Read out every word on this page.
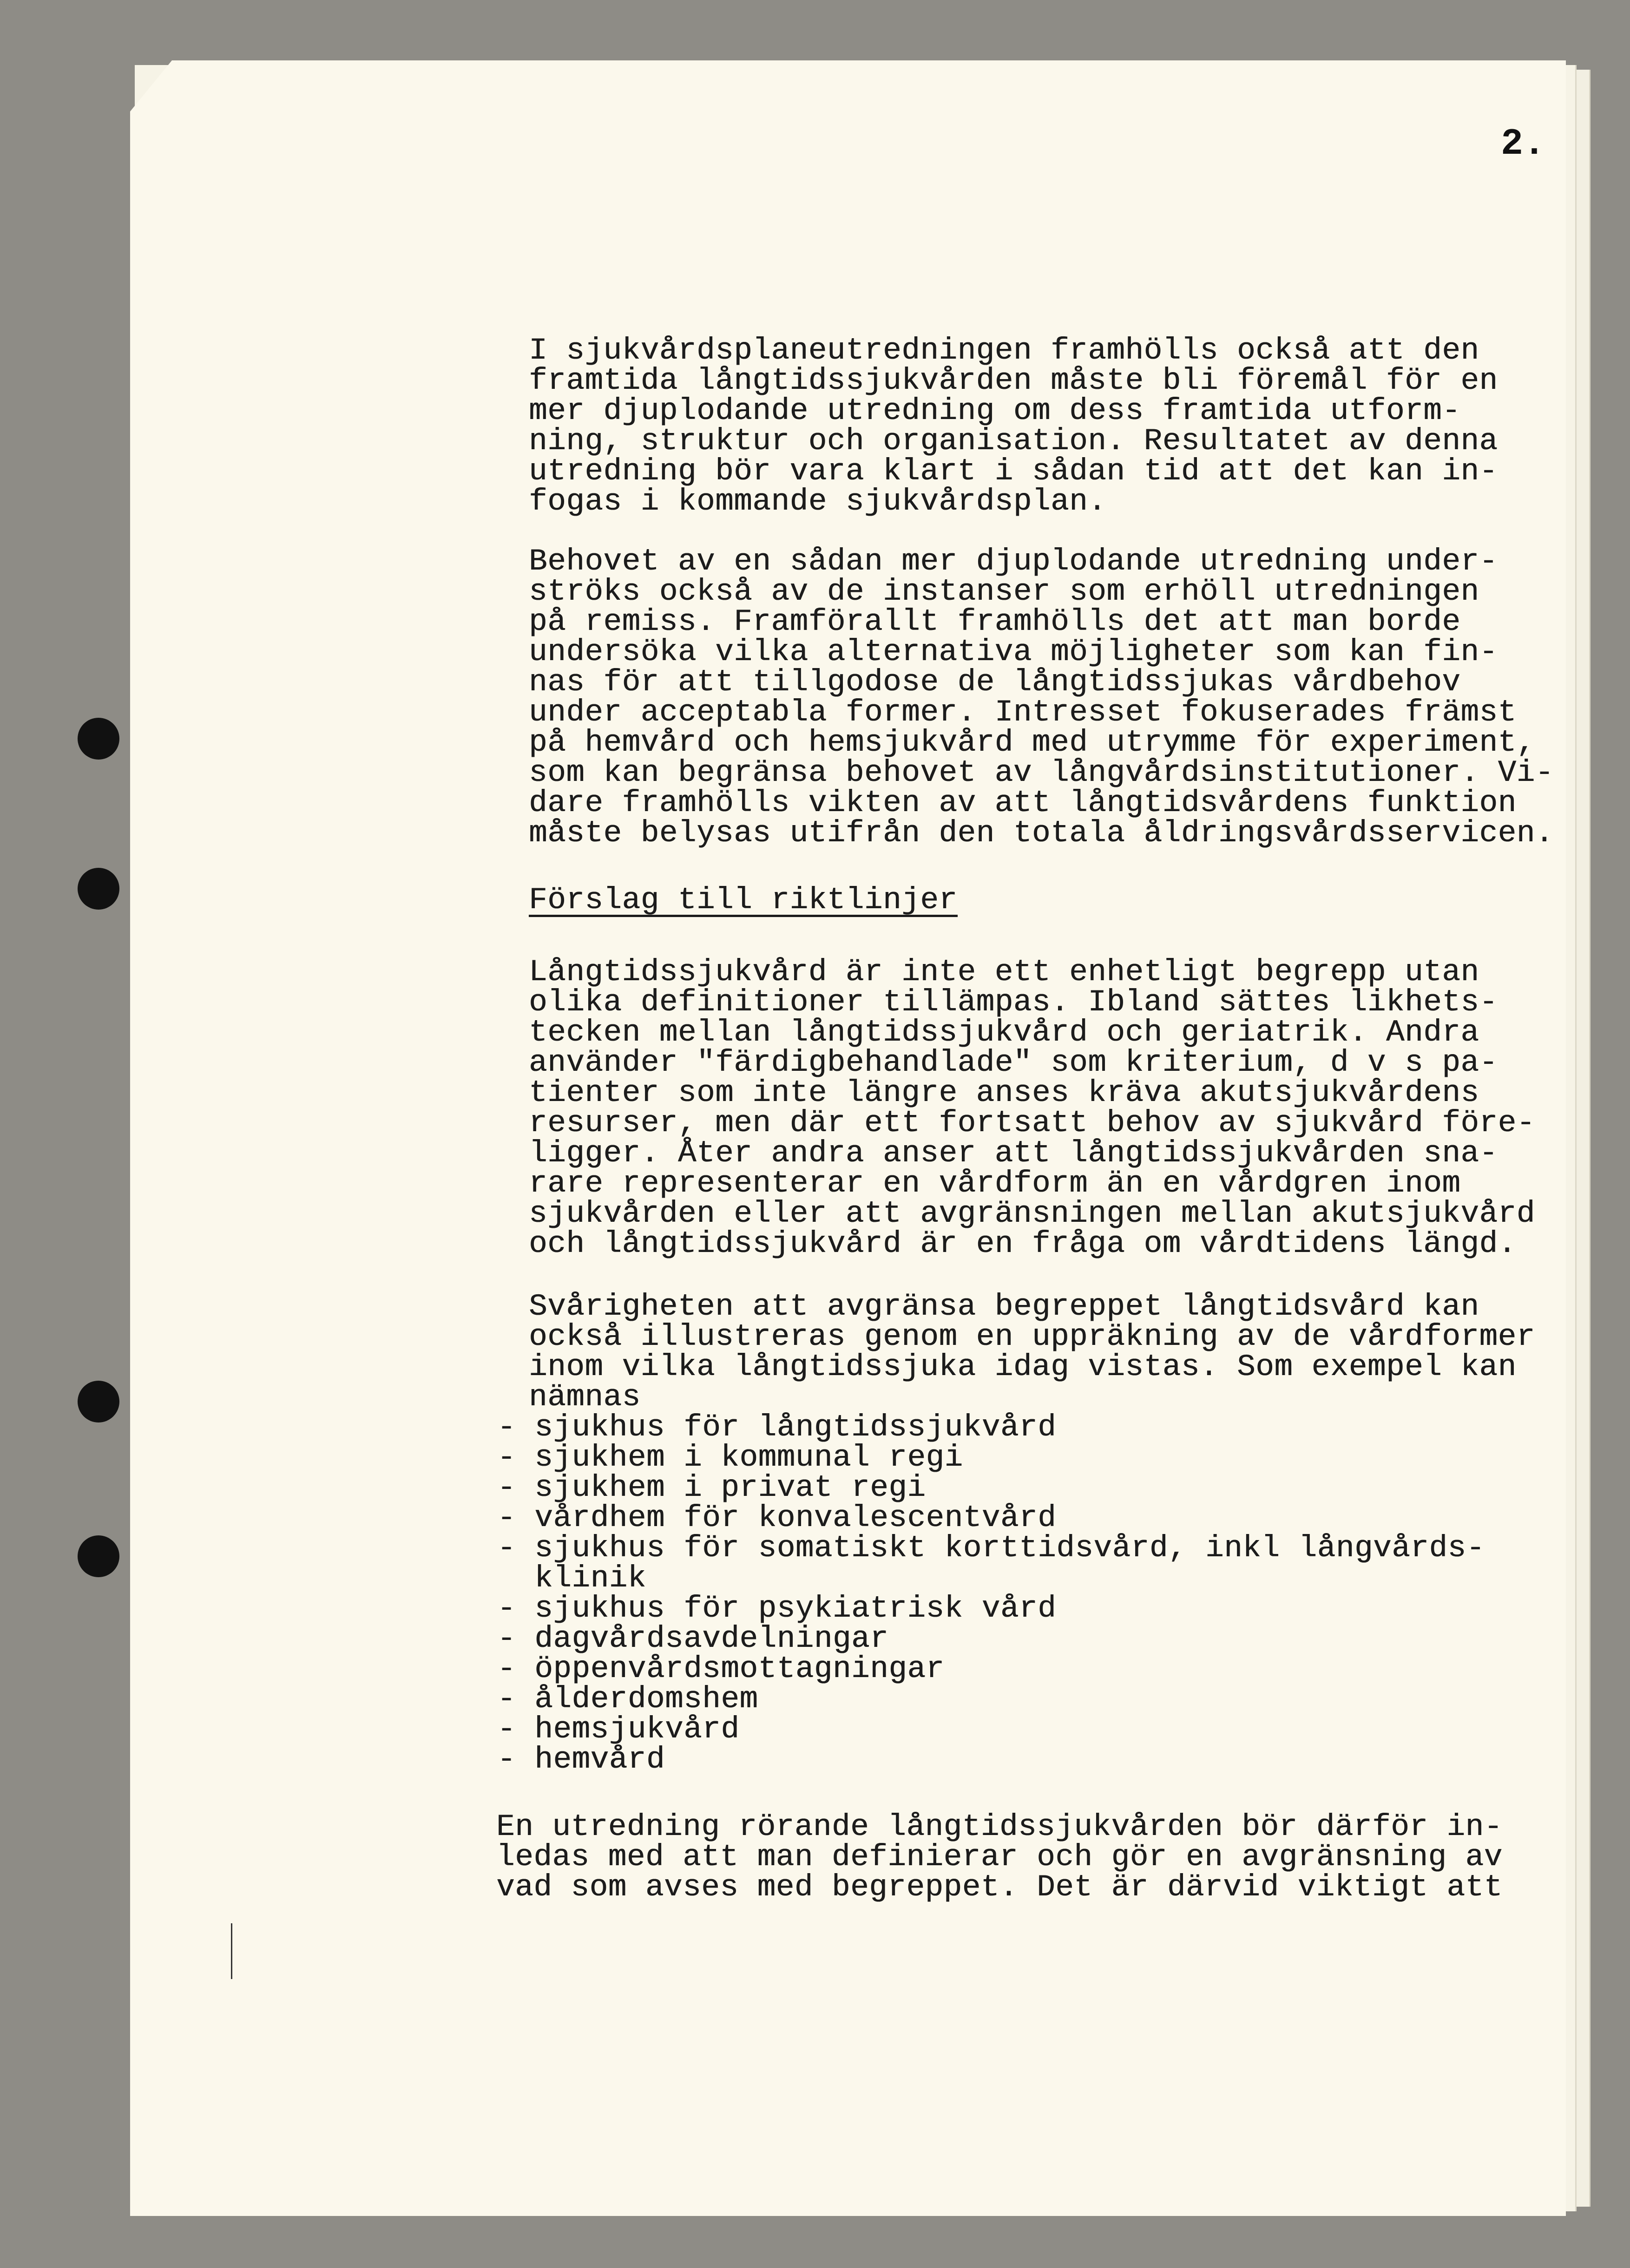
2.
I sjukvårdsplaneutredningen framhölls också att den
framtida långtidssjukvården måste bli föremål för en
mer djuplodande utredning om dess framtida utform-
ning, struktur och organisation. Resultatet av denna
utredning bör vara klart i sådan tid att det kan in-
fogas i kommande sjukvårdsplan.
Behovet av en sådan mer djuplodande utredning under-
ströks också av de instanser som erhöll utredningen
på remiss. Framförallt framhölls det att man borde
undersöka vilka alternativa möjligheter som kan fin-
nas för att tillgodose de långtidssjukas vårdbehov
under acceptabla former. Intresset fokuserades främst
på hemvård och hemsjukvård med utrymme för experiment,
som kan begränsa behovet av långvårdsinstitutioner. Vi-
dare framhölls vikten av att långtidsvårdens funktion
måste belysas utifrån den totala åldringsvårdsservicen.
Förslag till riktlinjer
Långtidssjukvård är inte ett enhetligt begrepp utan
olika definitioner tillämpas. Ibland sättes likhets-
tecken mellan långtidssjukvård och geriatrik. Andra
använder "färdigbehandlade" som kriterium, d v s pa-
tienter som inte längre anses kräva akutsjukvårdens
resurser, men där ett fortsatt behov av sjukvård före-
ligger. Åter andra anser att långtidssjukvården sna-
rare representerar en vårdform än en vårdgren inom
sjukvården eller att avgränsningen mellan akutsjukvård
och långtidssjukvård är en fråga om vårdtidens längd.
Svårigheten att avgränsa begreppet långtidsvård kan
också illustreras genom en uppräkning av de vårdformer
inom vilka långtidssjuka idag vistas. Som exempel kan
nämnas
- sjukhus för långtidssjukvård
- sjukhem i kommunal regi
- sjukhem i privat regi
- vårdhem för konvalescentvård
- sjukhus för somatiskt korttidsvård, inkl långvårds-
klinik
- sjukhus för psykiatrisk vård
- dagvårdsavdelningar
- öppenvårdsmottagningar
- ålderdomshem
- hemsjukvård
- hemvård
En utredning rörande långtidssjukvården bör därför in-
ledas med att man definierar och gör en avgränsning av
vad som avses med begreppet. Det är därvid viktigt att
